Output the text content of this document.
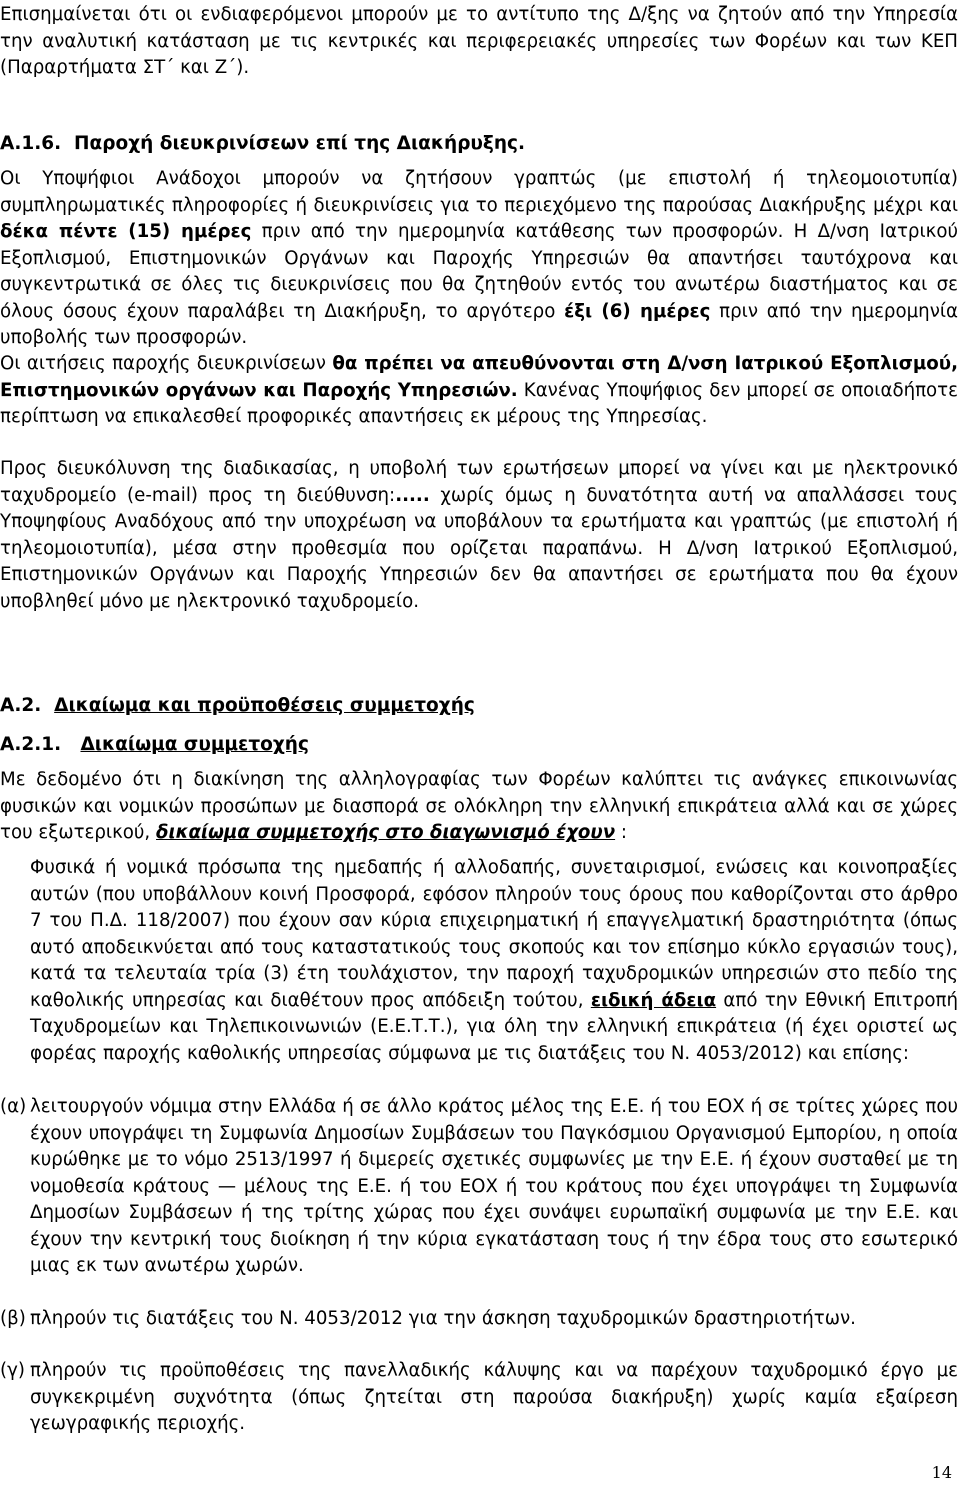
Επισημαίνεται ότι οι ενδιαφερόμενοι μπορούν με το αντίτυπο της Δ/ξης να ζητούν από την Υπηρεσία την αναλυτική κατάσταση με τις κεντρικές και περιφερειακές υπηρεσίες των Φορέων και των ΚΕΠ (Παραρτήματα ΣΤ΄ και Ζ΄).

Α.1.6. Παροχή διευκρινίσεων επί της Διακήρυξης.

Οι Υποψήφιοι Ανάδοχοι μπορούν να ζητήσουν γραπτώς (με επιστολή ή τηλεομοιοτυπία) συμπληρωματικές πληροφορίες ή διευκρινίσεις για το περιεχόμενο της παρούσας Διακήρυξης μέχρι και δέκα πέντε (15) ημέρες πριν από την ημερομηνία κατάθεσης των προσφορών. Η Δ/νση Ιατρικού Εξοπλισμού, Επιστημονικών Οργάνων και Παροχής Υπηρεσιών θα απαντήσει ταυτόχρονα και συγκεντρωτικά σε όλες τις διευκρινίσεις που θα ζητηθούν εντός του ανωτέρω διαστήματος και σε όλους όσους έχουν παραλάβει τη Διακήρυξη, το αργότερο έξι (6) ημέρες πριν από την ημερομηνία υποβολής των προσφορών.

Οι αιτήσεις παροχής διευκρινίσεων θα πρέπει να απευθύνονται στη Δ/νση Ιατρικού Εξοπλισμού, Επιστημονικών οργάνων και Παροχής Υπηρεσιών. Κανένας Υποψήφιος δεν μπορεί σε οποιαδήποτε περίπτωση να επικαλεσθεί προφορικές απαντήσεις εκ μέρους της Υπηρεσίας.

Προς διευκόλυνση της διαδικασίας, η υποβολή των ερωτήσεων μπορεί να γίνει και με ηλεκτρονικό ταχυδρομείο (e-mail) προς τη διεύθυνση:..... χωρίς όμως η δυνατότητα αυτή να απαλλάσσει τους Υποψηφίους Αναδόχους από την υποχρέωση να υποβάλουν τα ερωτήματα και γραπτώς (με επιστολή ή τηλεομοιοτυπία), μέσα στην προθεσμία που ορίζεται παραπάνω. Η Δ/νση Ιατρικού Εξοπλισμού, Επιστημονικών Οργάνων και Παροχής Υπηρεσιών δεν θα απαντήσει σε ερωτήματα που θα έχουν υποβληθεί μόνο με ηλεκτρονικό ταχυδρομείο.

Α.2. Δικαίωμα και προϋποθέσεις συμμετοχής
Α.2.1. Δικαίωμα συμμετοχής

Με δεδομένο ότι η διακίνηση της αλληλογραφίας των Φορέων καλύπτει τις ανάγκες επικοινωνίας φυσικών και νομικών προσώπων με διασπορά σε ολόκληρη την ελληνική επικράτεια αλλά και σε χώρες του εξωτερικού, δικαίωμα συμμετοχής στο διαγωνισμό έχουν :

Φυσικά ή νομικά πρόσωπα της ημεδαπής ή αλλοδαπής, συνεταιρισμοί, ενώσεις και κοινοπραξίες αυτών (που υποβάλλουν κοινή Προσφορά, εφόσον πληρούν τους όρους που καθορίζονται στο άρθρο 7 του Π.Δ. 118/2007) που έχουν σαν κύρια επιχειρηματική ή επαγγελματική δραστηριότητα (όπως αυτό αποδεικνύεται από τους καταστατικούς τους σκοπούς και τον επίσημο κύκλο εργασιών τους), κατά τα τελευταία τρία (3) έτη τουλάχιστον, την παροχή ταχυδρομικών υπηρεσιών στο πεδίο της καθολικής υπηρεσίας και διαθέτουν προς απόδειξη τούτου, ειδική άδεια από την Εθνική Επιτροπή Ταχυδρομείων και Τηλεπικοινωνιών (Ε.Ε.Τ.Τ.), για όλη την ελληνική επικράτεια (ή έχει οριστεί ως φορέας παροχής καθολικής υπηρεσίας σύμφωνα με τις διατάξεις του Ν. 4053/2012) και επίσης:

(α) λειτουργούν νόμιμα στην Ελλάδα ή σε άλλο κράτος μέλος της Ε.Ε. ή του ΕΟΧ ή σε τρίτες χώρες που έχουν υπογράψει τη Συμφωνία Δημοσίων Συμβάσεων του Παγκόσμιου Οργανισμού Εμπορίου, η οποία κυρώθηκε με το νόμο 2513/1997 ή διμερείς σχετικές συμφωνίες με την Ε.Ε. ή έχουν συσταθεί με τη νομοθεσία κράτους — μέλους της Ε.Ε. ή του ΕΟΧ ή του κράτους που έχει υπογράψει τη Συμφωνία Δημοσίων Συμβάσεων ή της τρίτης χώρας που έχει συνάψει ευρωπαϊκή συμφωνία με την Ε.Ε. και έχουν την κεντρική τους διοίκηση ή την κύρια εγκατάσταση τους ή την έδρα τους στο εσωτερικό μιας εκ των ανωτέρω χωρών.

(β) πληρούν τις διατάξεις του Ν. 4053/2012 για την άσκηση ταχυδρομικών δραστηριοτήτων.

(γ) πληρούν τις προϋποθέσεις της πανελλαδικής κάλυψης και να παρέχουν ταχυδρομικό έργο με συγκεκριμένη συχνότητα (όπως ζητείται στη παρούσα διακήρυξη) χωρίς καμία εξαίρεση γεωγραφικής περιοχής.

14
